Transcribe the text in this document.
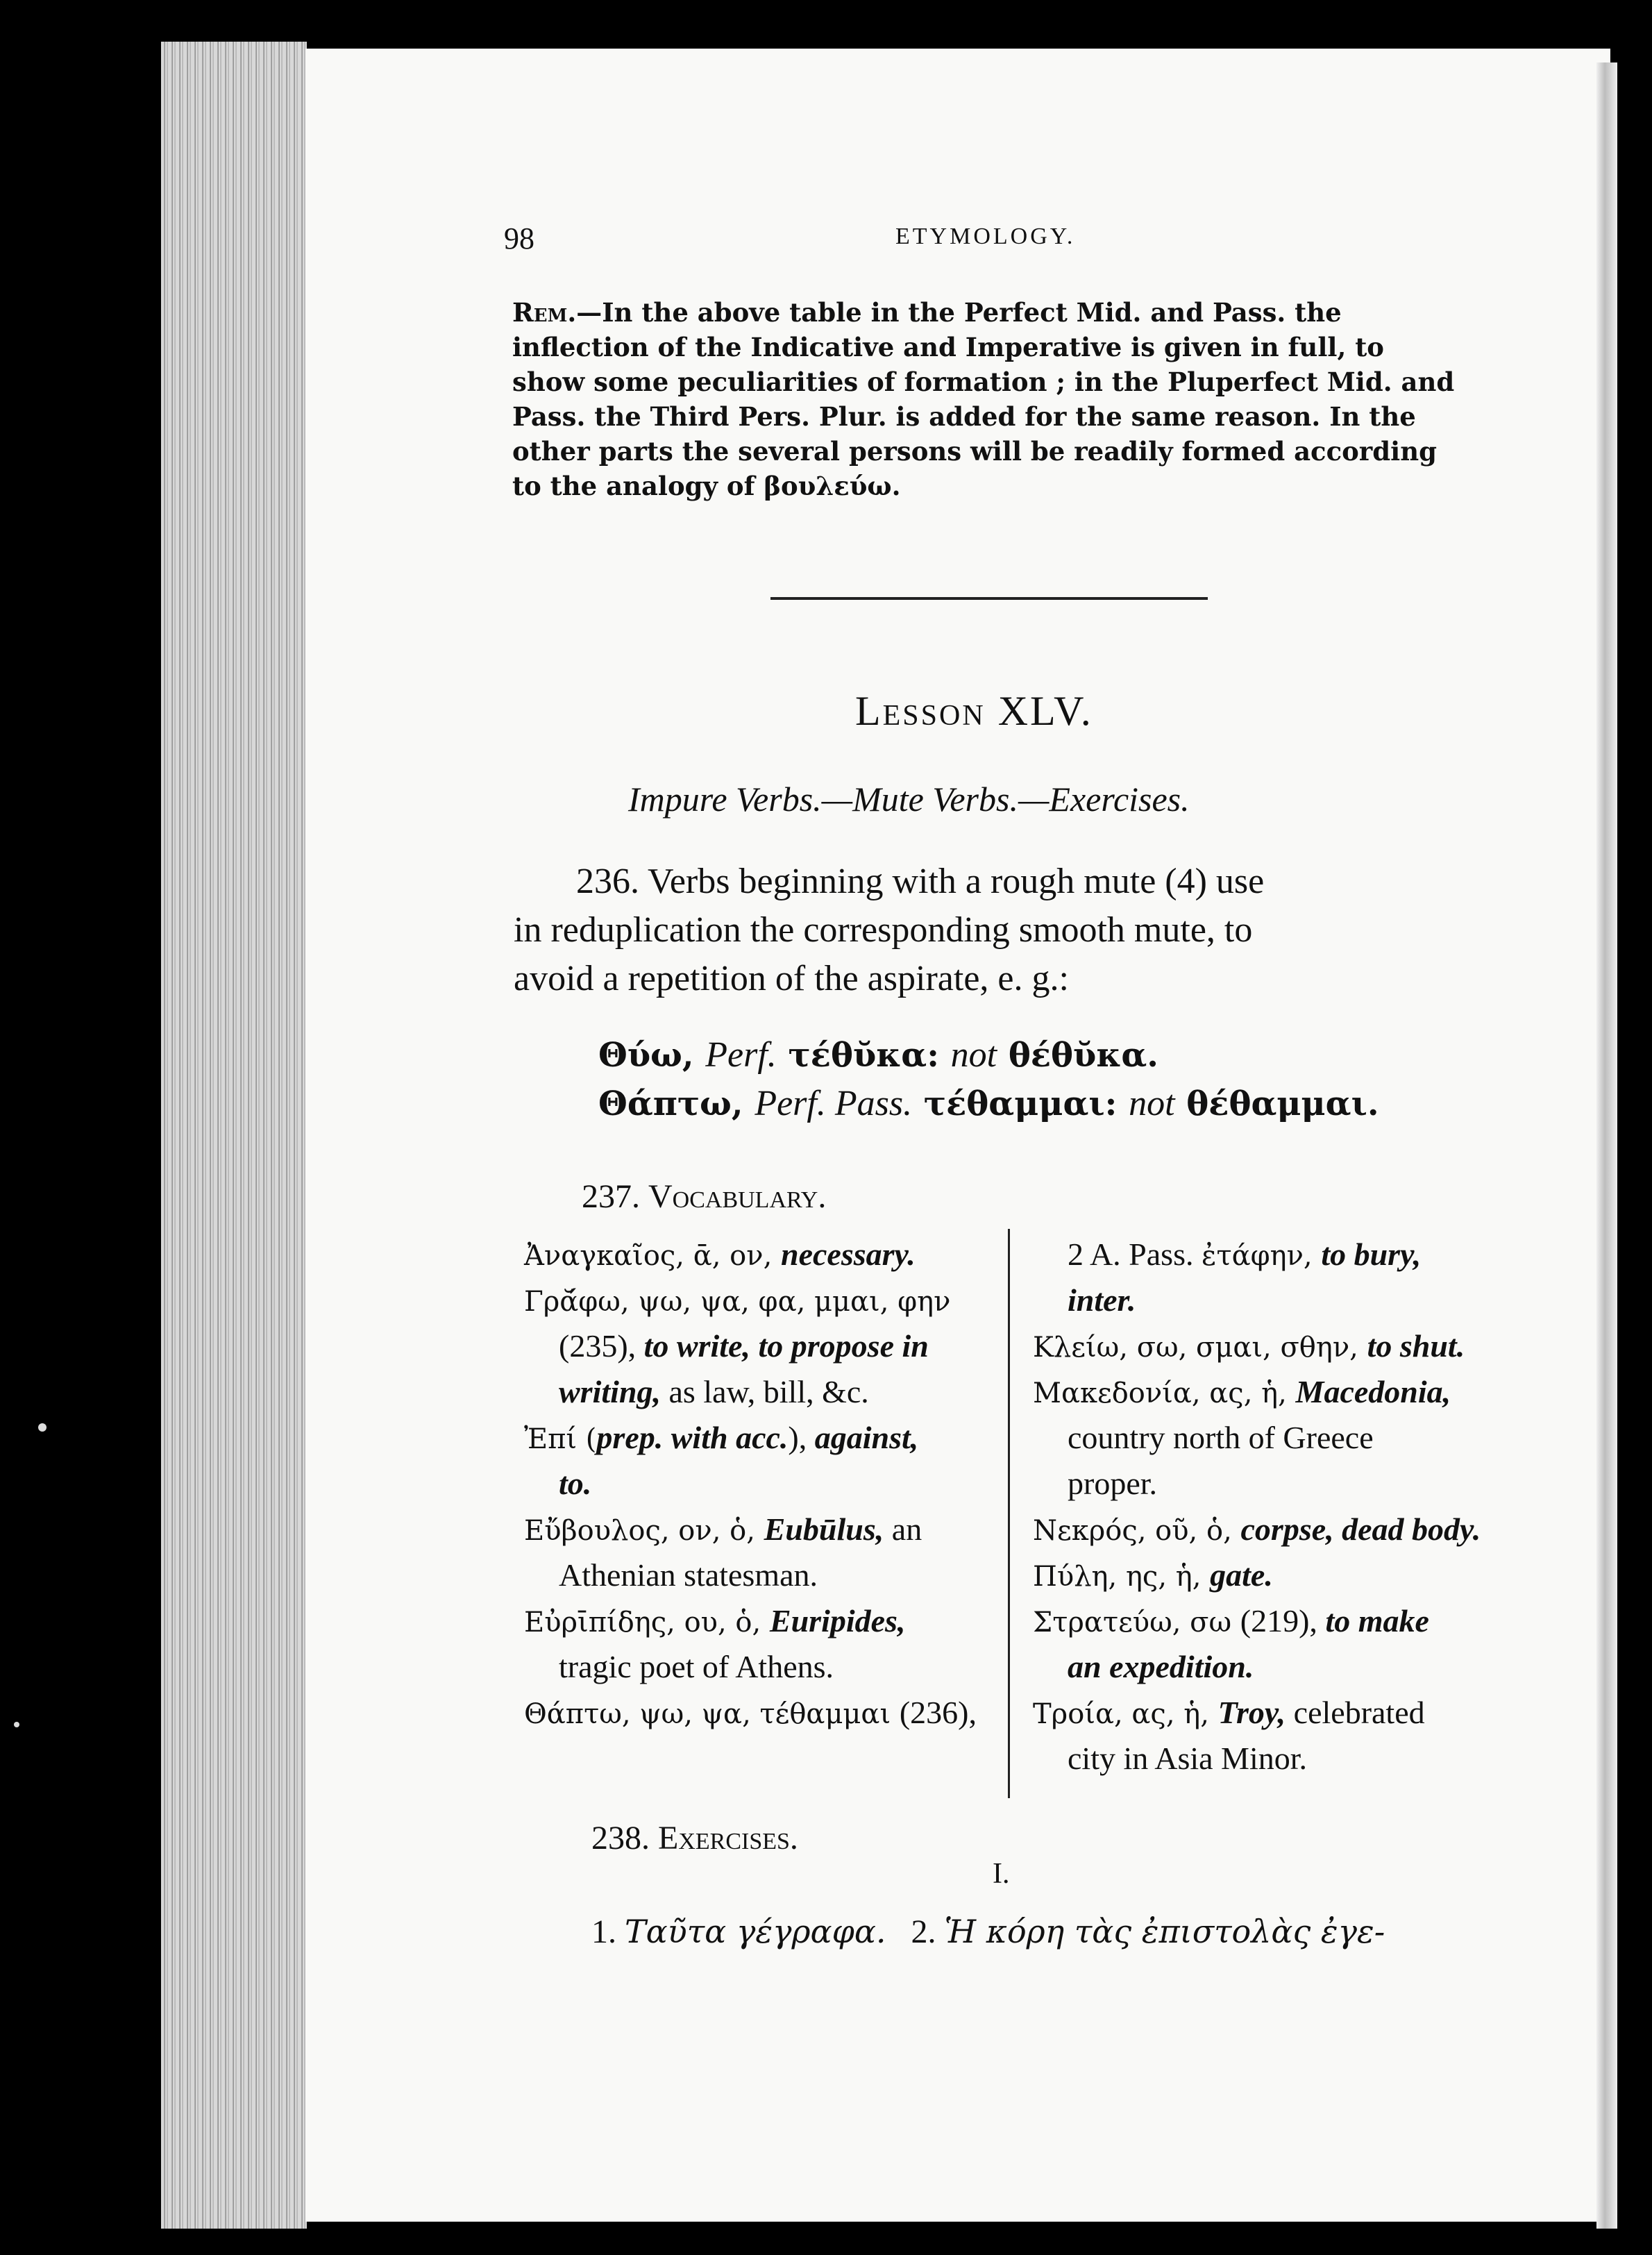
98	ETYMOLOGY.
Rem.—In the above table in the Perfect Mid. and Pass. the
inflection of the Indicative and Imperative is given in full, to
show some peculiarities of formation ; in the Pluperfect Mid. and
Pass. the Third Pers. Plur. is added for the same reason. In the
other parts the several persons will be readily formed according
to the analogy of βουλεύω.
Lesson XLV.
Impure Verbs.—Mute Verbs.—Exercises.
236. Verbs beginning with a rough mute (4) use
in reduplication the corresponding smooth mute, to
avoid a repetition of the aspirate, e. g.:
Θύω, Perf. τέθῠκα: not θέθῠκα.
Θάπτω, Perf. Pass. τέθαμμαι: not θέθαμμαι.
237. Vocabulary.
Ἀναγκαῖος, ᾱ, ον, necessary.
Γρᾰ́φω, ψω, ψα, φα, μμαι, φην
(235), to write, to propose in
writing, as law, bill, &c.
Ἐπί (prep. with acc.), against,
to.
Εὔβουλος, ον, ὁ, Eubūlus, an
Athenian statesman.
Εὐρῑπίδης, ου, ὁ, Euripides,
tragic poet of Athens.
Θάπτω, ψω, ψα, τέθαμμαι (236),
2 A. Pass. ἐτάφην, to bury,
inter.
Κλείω, σω, σμαι, σθην, to shut.
Μακεδονία, ας, ἡ, Macedonia,
country north of Greece
proper.
Νεκρός, οῦ, ὁ, corpse, dead body.
Πύλη, ης, ἡ, gate.
Στρατεύω, σω (219), to make
an expedition.
Τροία, ας, ἡ, Troy, celebrated
city in Asia Minor.
238. Exercises.
I.
1. Ταῦτα γέγραφα.   2. Ἡ κόρη τὰς ἐπιστολὰς ἐγε-
